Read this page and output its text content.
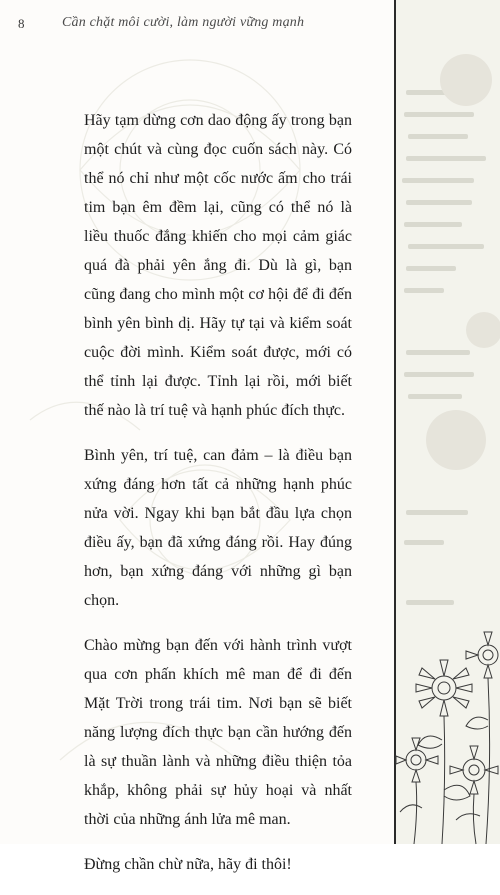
8	Cần chặt môi cười, làm người vững mạnh

Hãy tạm dừng cơn dao động ấy trong bạn một chút và cùng đọc cuốn sách này. Có thể nó chỉ như một cốc nước ấm cho trái tim bạn êm đềm lại, cũng có thể nó là liều thuốc đắng khiến cho mọi cảm giác quá đà phải yên ắng đi. Dù là gì, bạn cũng đang cho mình một cơ hội để đi đến bình yên bình dị. Hãy tự tại và kiểm soát cuộc đời mình. Kiểm soát được, mới có thể tỉnh lại được. Tỉnh lại rồi, mới biết thế nào là trí tuệ và hạnh phúc đích thực.

Bình yên, trí tuệ, can đảm – là điều bạn xứng đáng hơn tất cả những hạnh phúc nửa vời. Ngay khi bạn bắt đầu lựa chọn điều ấy, bạn đã xứng đáng rồi. Hay đúng hơn, bạn xứng đáng với những gì bạn chọn.

Chào mừng bạn đến với hành trình vượt qua cơn phấn khích mê man để đi đến Mặt Trời trong trái tim. Nơi bạn sẽ biết năng lượng đích thực bạn cần hướng đến là sự thuần lành và những điều thiện tỏa khắp, không phải sự hủy hoại và nhất thời của những ánh lửa mê man.

Đừng chần chừ nữa, hãy đi thôi!
